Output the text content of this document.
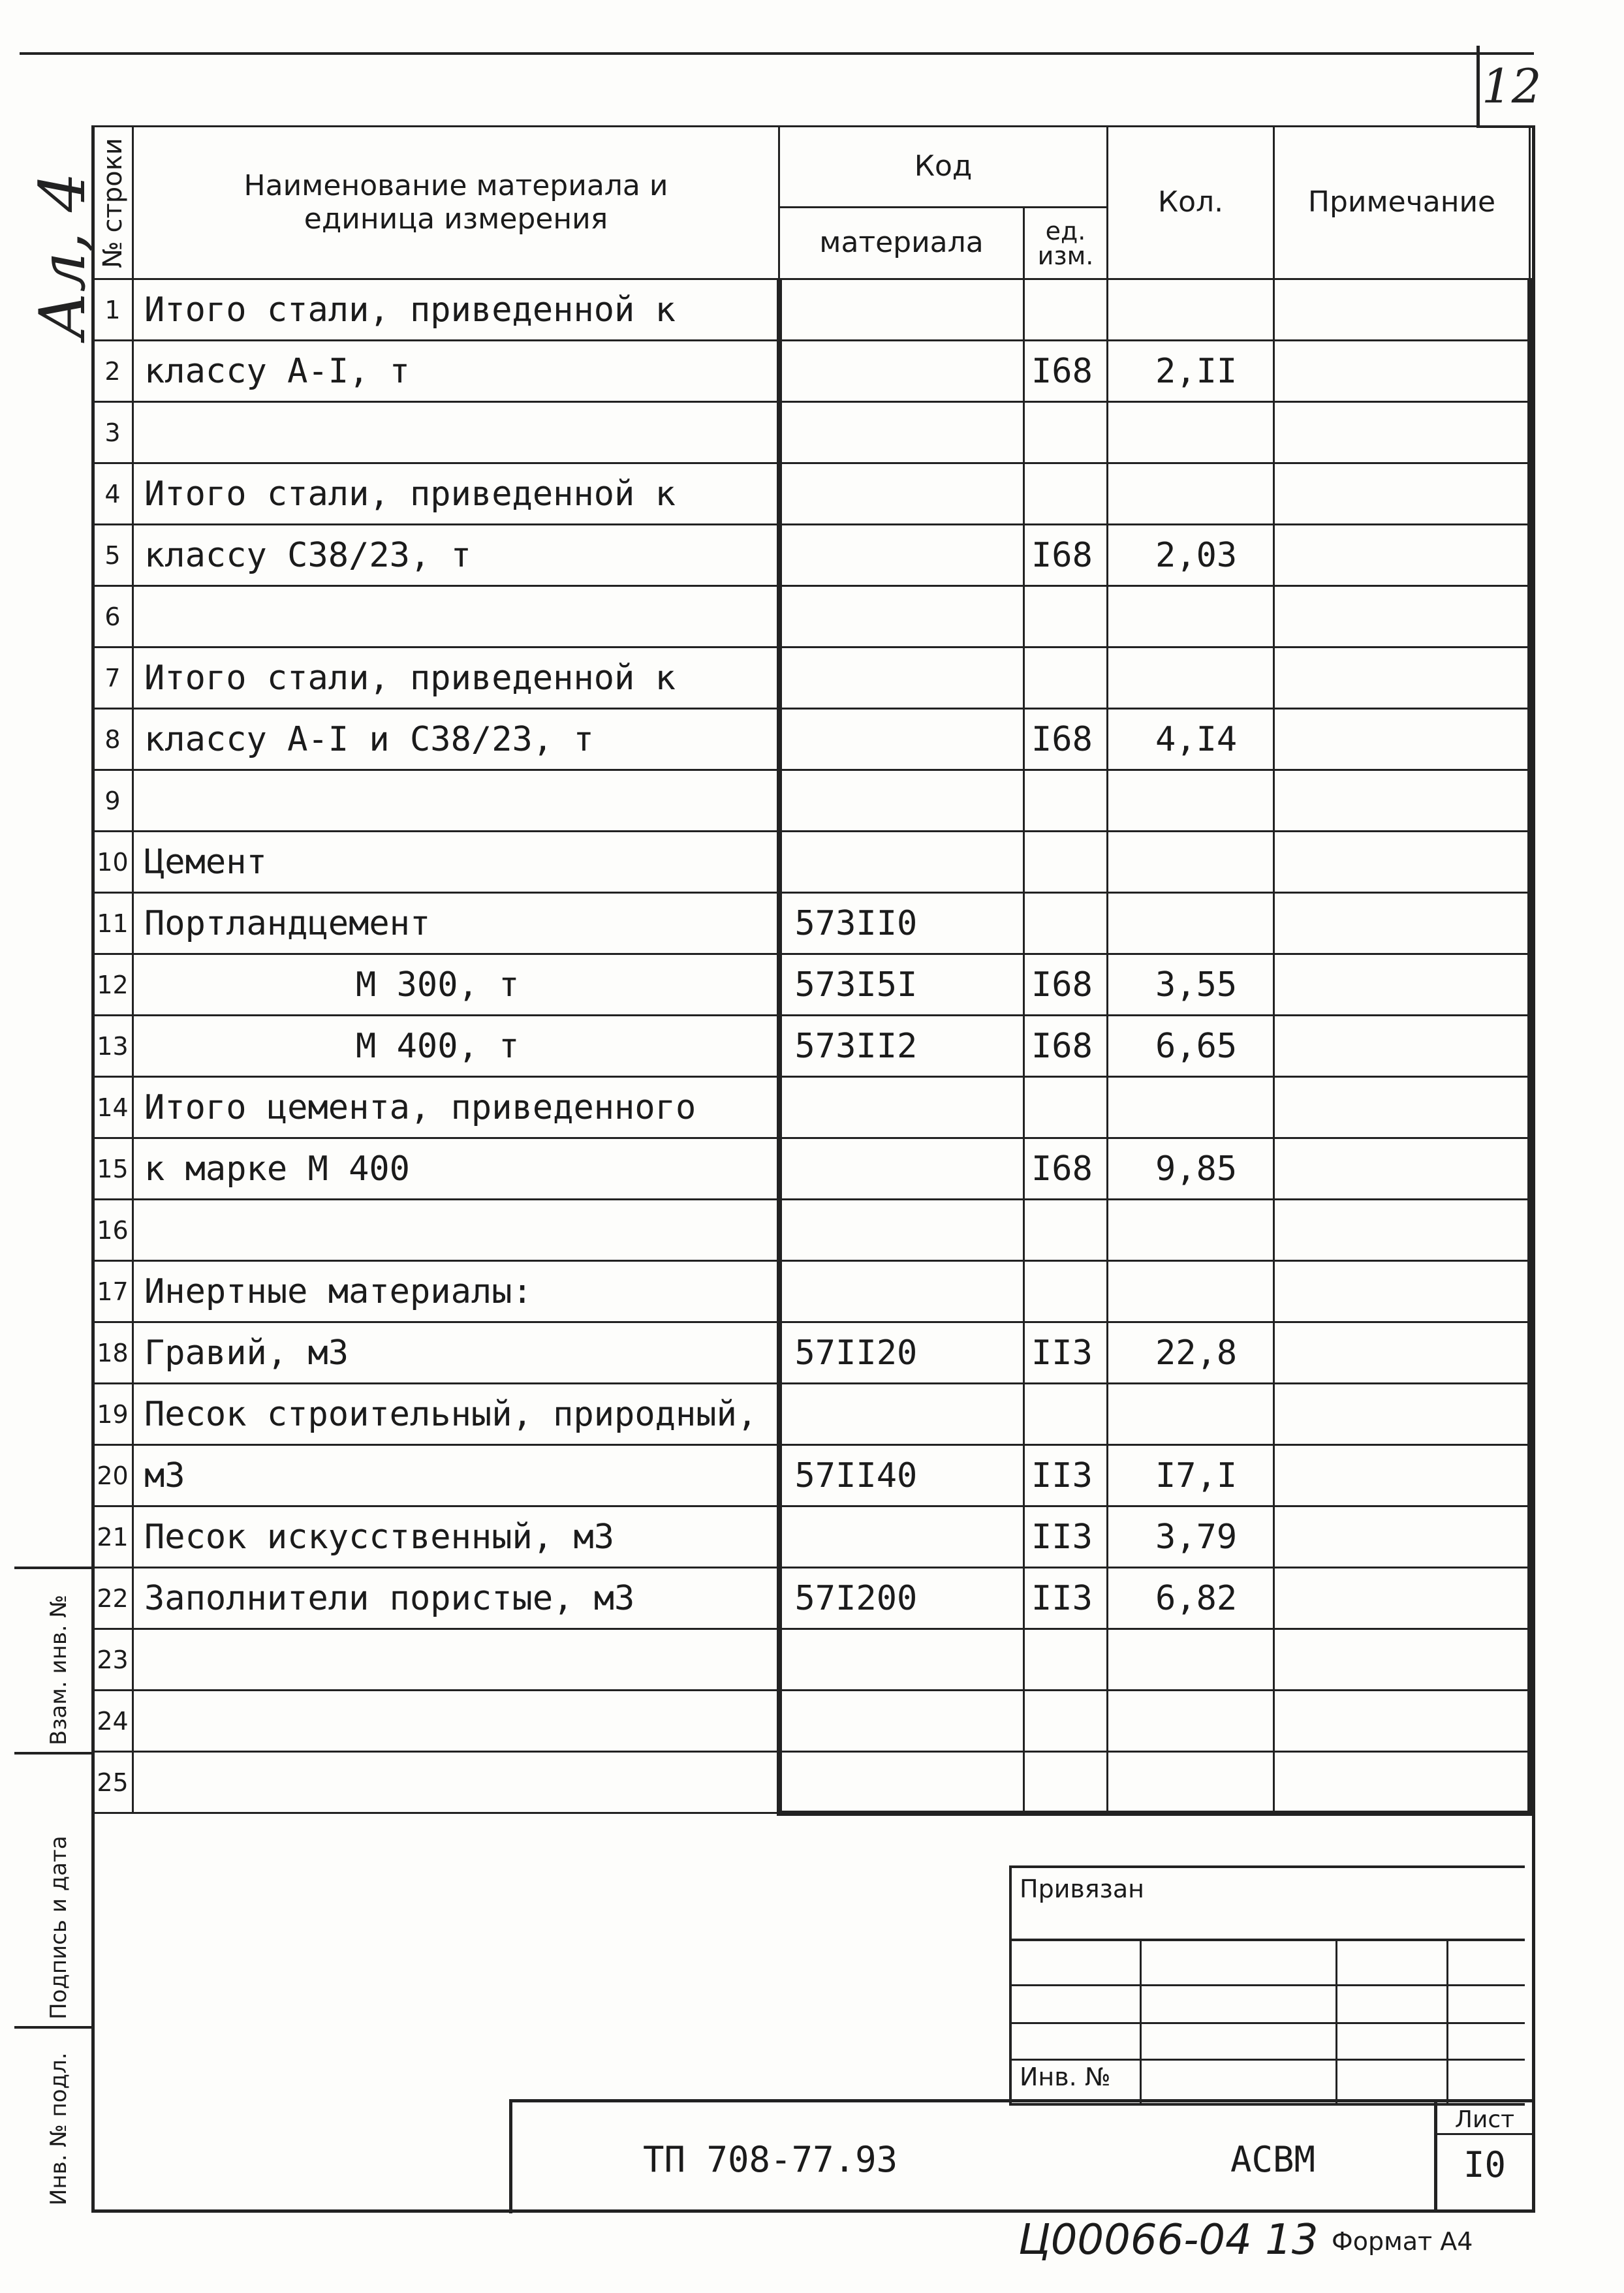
12
Ал, 4
№ строки	Наименование материала и единица измерения	Код		Кол.	Примечание
		материала	ед. изм.		
1	Итого стали, приведенной к				
2	классу А-I, т		I68	2,II	
3					
4	Итого стали, приведенной к				
5	классу С38/23, т		I68	2,03	
6					
7	Итого стали, приведенной к				
8	классу А-I и С38/23, т		I68	4,I4	
9					
10	Цемент				
11	Портландцемент	573II0			
12	М 300, т	573I5I	I68	3,55	
13	М 400, т	573II2	I68	6,65	
14	Итого цемента, приведенного				
15	к марке М 400		I68	9,85	
16					
17	Инертные материалы:				
18	Гравий, м3	57II20	II3	22,8	
19	Песок строительный, природный,				
20	м3	57II40	II3	I7,I	
21	Песок искусственный, м3		II3	3,79	
22	Заполнители пористые, м3	57I200	II3	6,82	
23					
24					
25					
Взам. инв. №
Подпись и дата
Инв. № подл.
Привязан
Инв. №
ТП 708-77.93	АСВМ
Лист
I0
Ц00066-04 13 Формат А4
